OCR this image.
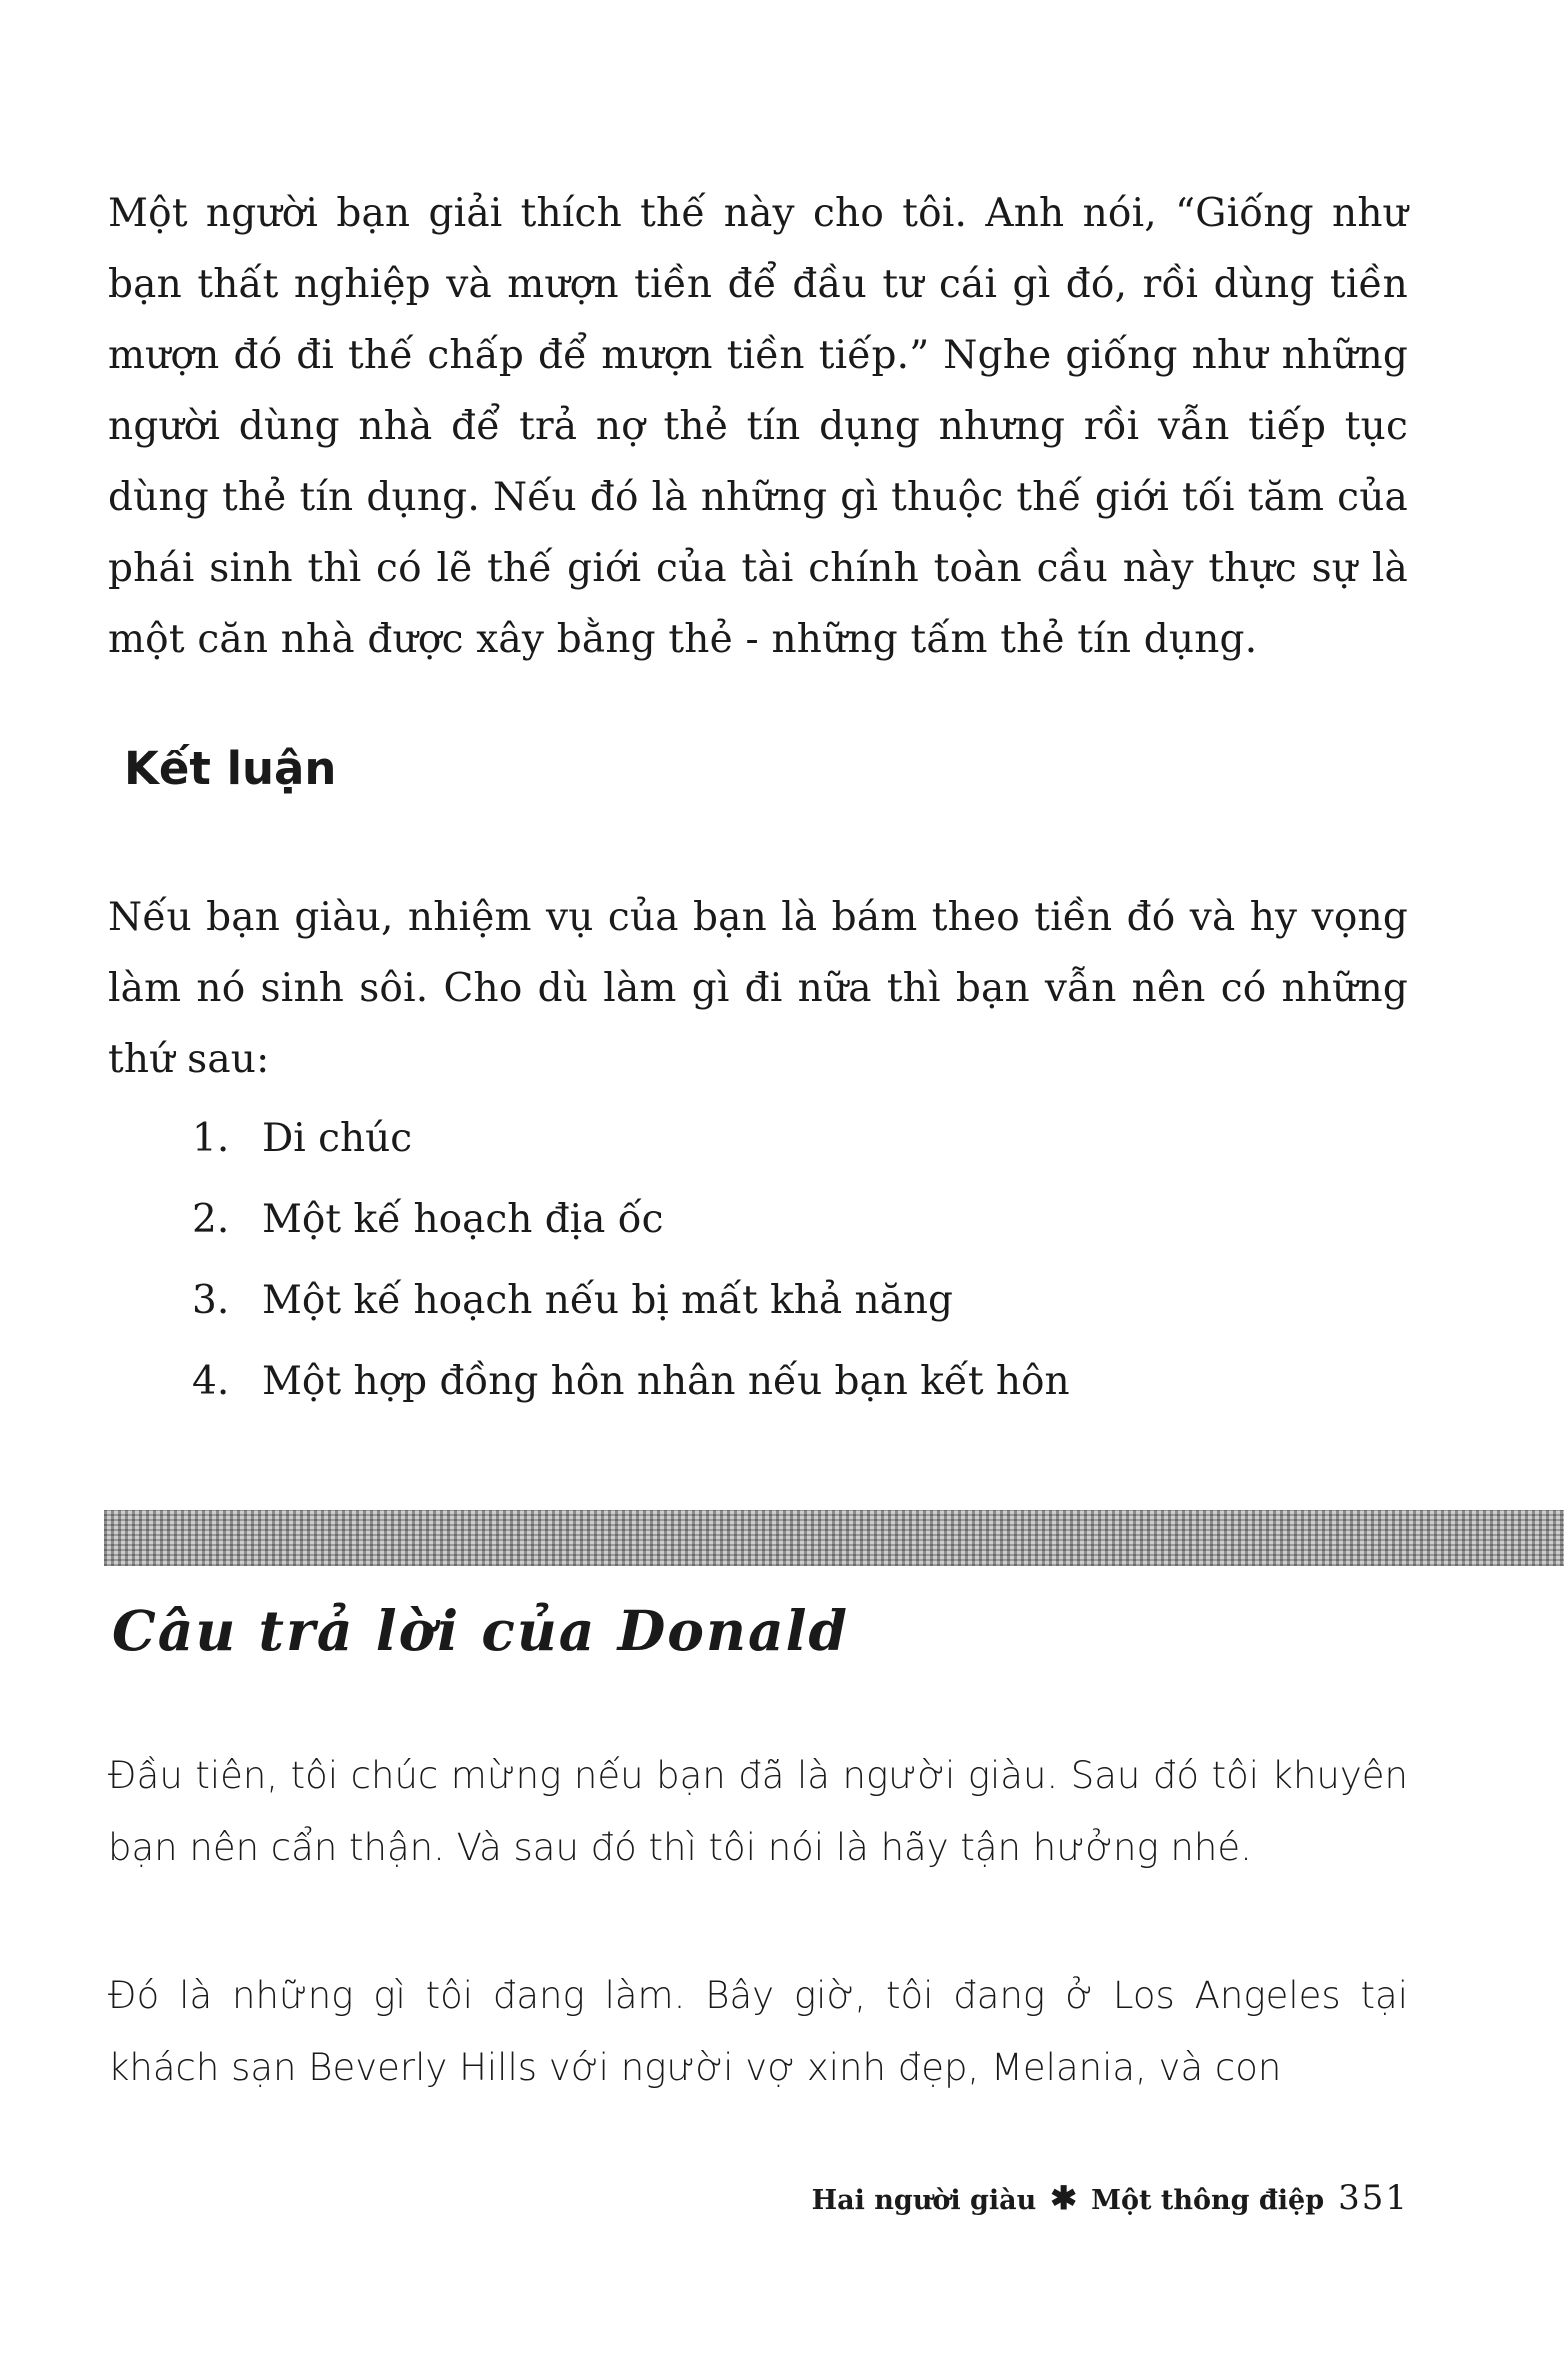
Một người bạn giải thích thế này cho tôi. Anh nói, “Giống như bạn thất nghiệp và mượn tiền để đầu tư cái gì đó, rồi dùng tiền mượn đó đi thế chấp để mượn tiền tiếp.” Nghe giống như những người dùng nhà để trả nợ thẻ tín dụng nhưng rồi vẫn tiếp tục dùng thẻ tín dụng. Nếu đó là những gì thuộc thế giới tối tăm của phái sinh thì có lẽ thế giới của tài chính toàn cầu này thực sự là một căn nhà được xây bằng thẻ - những tấm thẻ tín dụng.

Kết luận

Nếu bạn giàu, nhiệm vụ của bạn là bám theo tiền đó và hy vọng làm nó sinh sôi. Cho dù làm gì đi nữa thì bạn vẫn nên có những thứ sau:

1. Di chúc
2. Một kế hoạch địa ốc
3. Một kế hoạch nếu bị mất khả năng
4. Một hợp đồng hôn nhân nếu bạn kết hôn
Câu trả lời của Donald

Đầu tiên, tôi chúc mừng nếu bạn đã là người giàu. Sau đó tôi khuyên bạn nên cẩn thận. Và sau đó thì tôi nói là hãy tận hưởng nhé.

Đó là những gì tôi đang làm. Bây giờ, tôi đang ở Los Angeles tại khách sạn Beverly Hills với người vợ xinh đẹp, Melania, và con

Hai người giàu ✱ Một thông điệp 351
